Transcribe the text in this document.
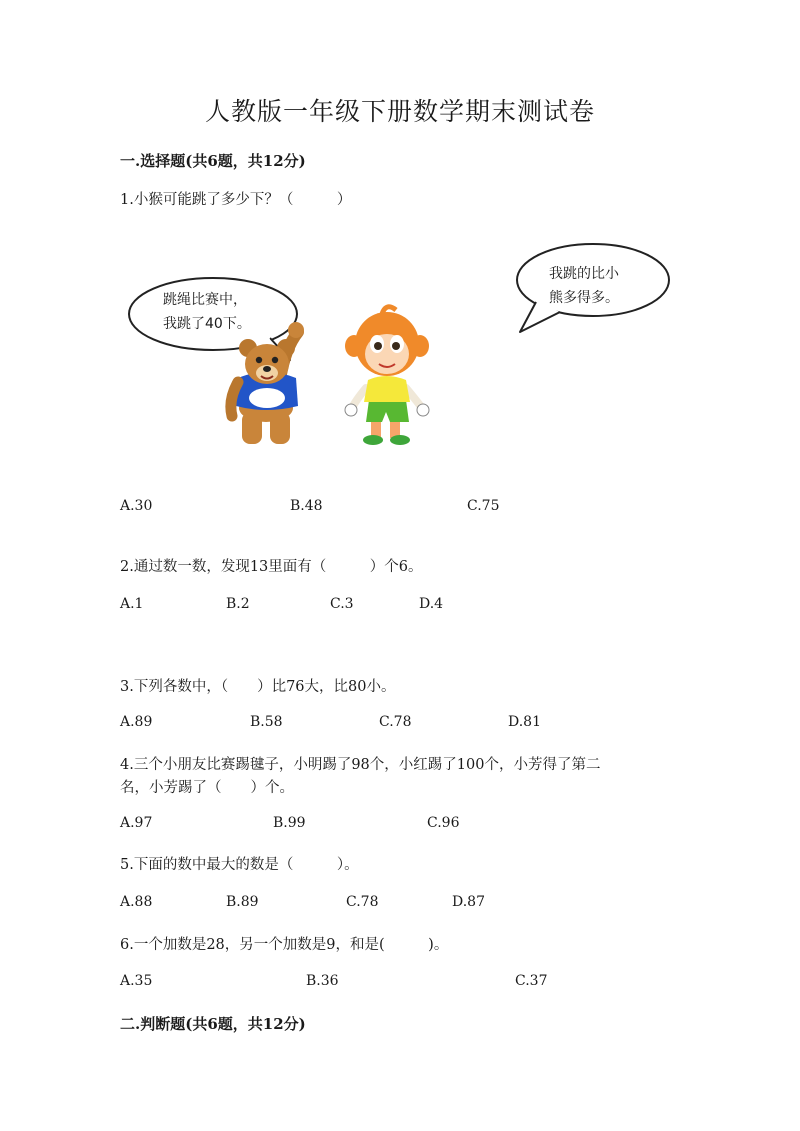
人教版一年级下册数学期末测试卷
一.选择题(共6题，共12分)
1.小猴可能跳了多少下？（　　　）
跳绳比赛中，
我跳了40下。
我跳的比小
熊多得多。
A.30	B.48	C.75
2.通过数一数，发现13里面有（　　　）个6。
A.1	B.2	C.3	D.4
3.下列各数中，（　　）比76大，比80小。
A.89	B.58	C.78	D.81
4.三个小朋友比赛踢毽子，小明踢了98个，小红踢了100个，小芳得了第二
名，小芳踢了（　　）个。
A.97	B.99	C.96
5.下面的数中最大的数是（　　　）。
A.88	B.89	C.78	D.87
6.一个加数是28，另一个加数是9，和是(　　　)。
A.35	B.36	C.37
二.判断题(共6题，共12分)
